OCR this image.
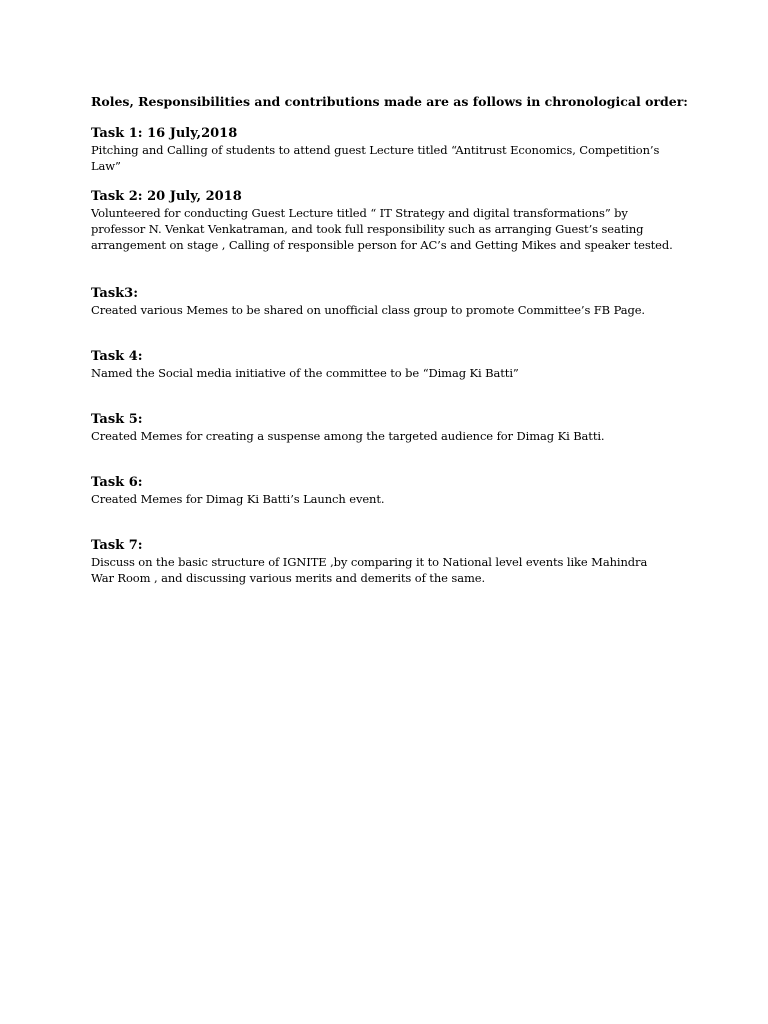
Roles, Responsibilities and contributions made are as follows in chronological order:
Task 1: 16 July,2018
Pitching and Calling of students to attend guest Lecture titled “Antitrust Economics, Competition’s
Law”
Task 2: 20 July, 2018
Volunteered for conducting Guest Lecture titled “ IT Strategy and digital transformations” by
professor N. Venkat Venkatraman, and took full responsibility such as arranging Guest’s seating
arrangement on stage , Calling of responsible person for AC’s and Getting Mikes and speaker tested.
Task3:
Created various Memes to be shared on unofficial class group to promote Committee’s FB Page.
Task 4:
Named the Social media initiative of the committee to be “Dimag Ki Batti”
Task 5:
Created Memes for creating a suspense among the targeted audience for Dimag Ki Batti.
Task 6:
Created Memes for Dimag Ki Batti’s Launch event.
Task 7:
Discuss on the basic structure of IGNITE ,by comparing it to National level events like Mahindra
War Room , and discussing various merits and demerits of the same.
